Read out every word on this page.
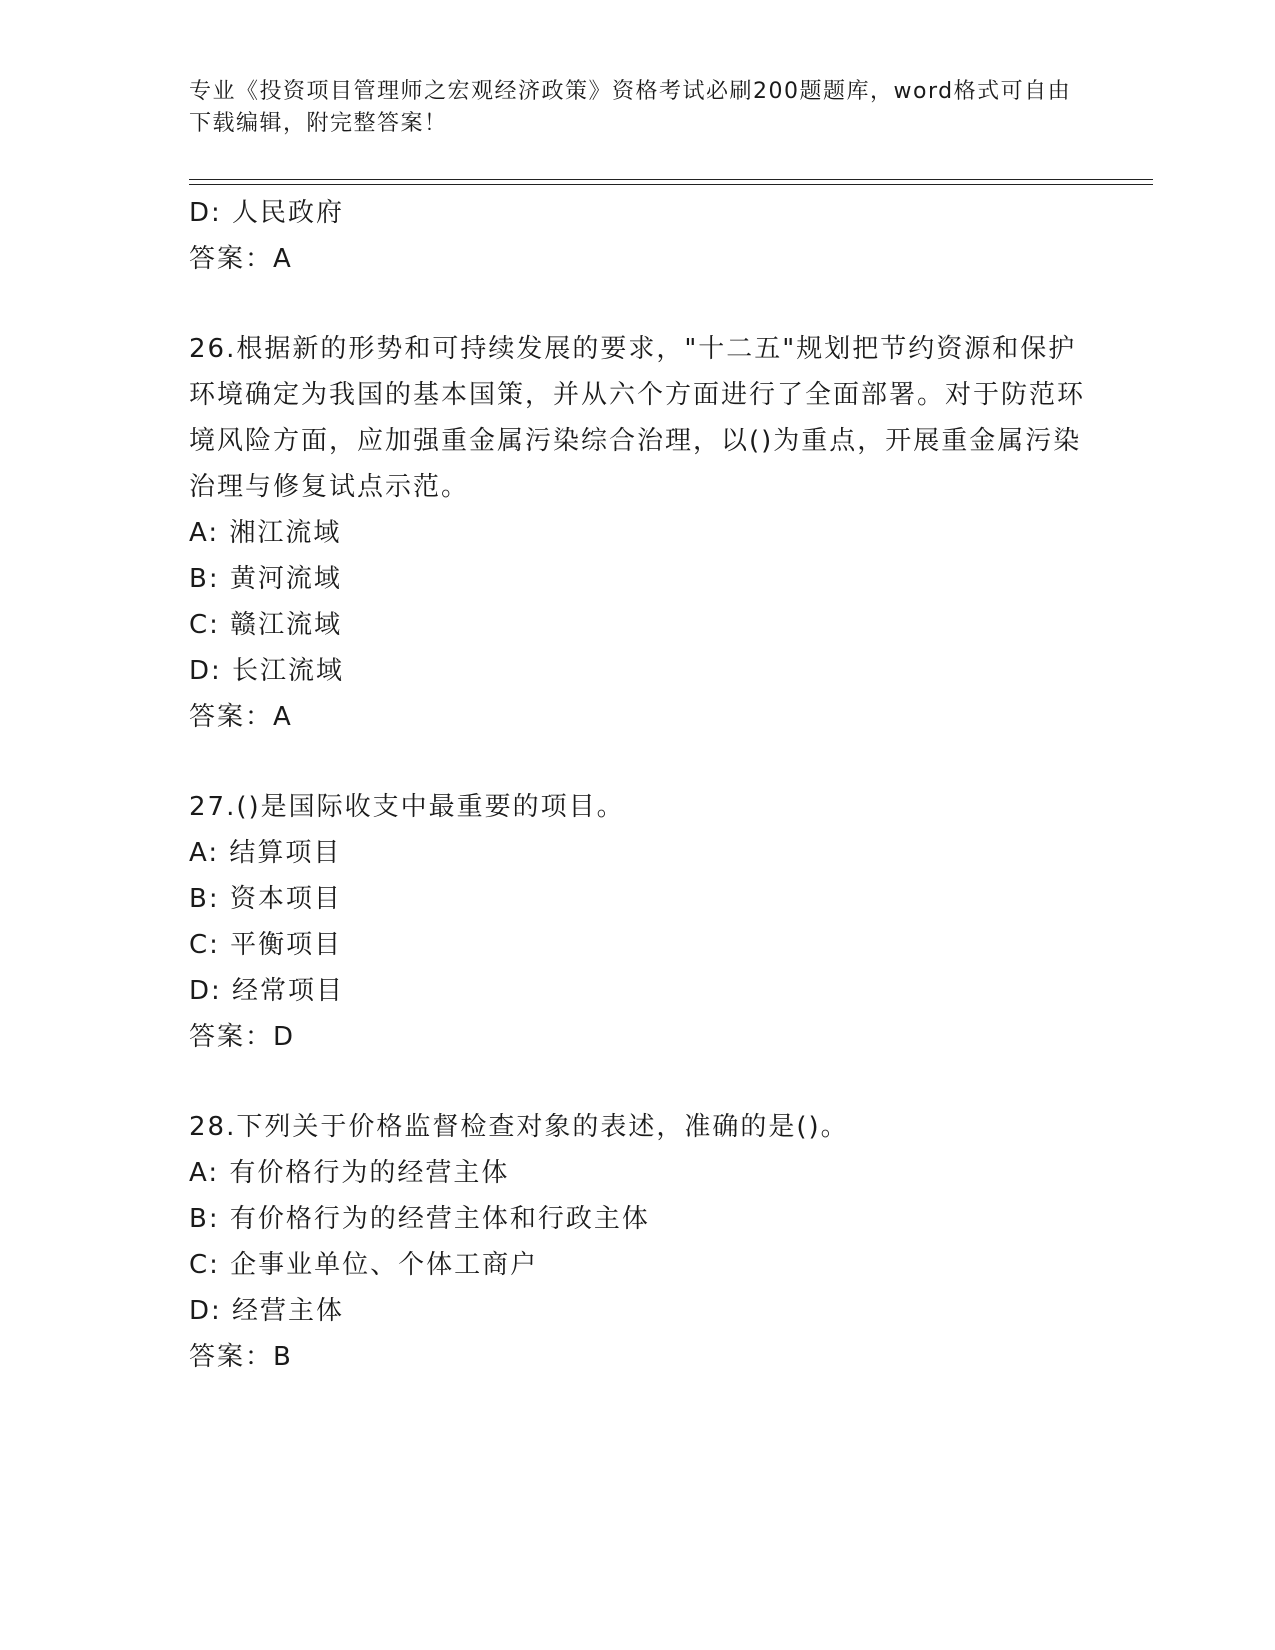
专业《投资项目管理师之宏观经济政策》资格考试必刷200题题库，word格式可自由下载编辑，附完整答案！

D: 人民政府

答案：A

26.根据新的形势和可持续发展的要求，"十二五"规划把节约资源和保护环境确定为我国的基本国策，并从六个方面进行了全面部署。对于防范环境风险方面，应加强重金属污染综合治理，以()为重点，开展重金属污染治理与修复试点示范。

A: 湘江流域

B: 黄河流域

C: 赣江流域

D: 长江流域

答案：A

27.()是国际收支中最重要的项目。

A: 结算项目

B: 资本项目

C: 平衡项目

D: 经常项目

答案：D

28.下列关于价格监督检查对象的表述，准确的是()。

A: 有价格行为的经营主体

B: 有价格行为的经营主体和行政主体

C: 企事业单位、个体工商户

D: 经营主体

答案：B
